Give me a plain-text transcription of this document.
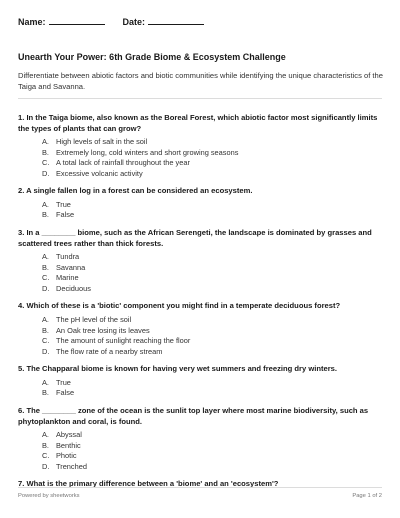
Name:	Date:
Unearth Your Power: 6th Grade Biome & Ecosystem Challenge
Differentiate between abiotic factors and biotic communities while identifying the unique characteristics of the Taiga and Savanna.
1. In the Taiga biome, also known as the Boreal Forest, which abiotic factor most significantly limits the types of plants that can grow?
A. High levels of salt in the soil
B. Extremely long, cold winters and short growing seasons
C. A total lack of rainfall throughout the year
D. Excessive volcanic activity
2. A single fallen log in a forest can be considered an ecosystem.
A. True
B. False
3. In a ________ biome, such as the African Serengeti, the landscape is dominated by grasses and scattered trees rather than thick forests.
A. Tundra
B. Savanna
C. Marine
D. Deciduous
4. Which of these is a 'biotic' component you might find in a temperate deciduous forest?
A. The pH level of the soil
B. An Oak tree losing its leaves
C. The amount of sunlight reaching the floor
D. The flow rate of a nearby stream
5. The Chapparal biome is known for having very wet summers and freezing dry winters.
A. True
B. False
6. The ________ zone of the ocean is the sunlit top layer where most marine biodiversity, such as phytoplankton and coral, is found.
A. Abyssal
B. Benthic
C. Photic
D. Trenched
7. What is the primary difference between a 'biome' and an 'ecosystem'?
Powered by sheetworks	Page 1 of 2
